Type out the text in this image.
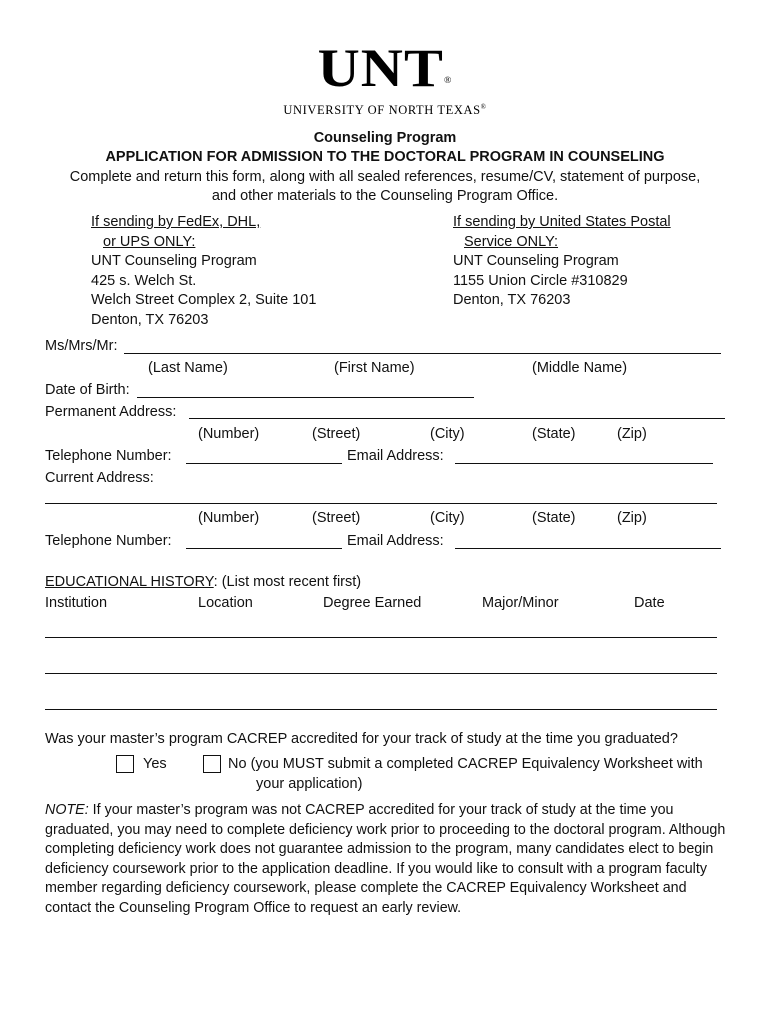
UNT®
UNIVERSITY OF NORTH TEXAS®
Counseling Program
APPLICATION FOR ADMISSION TO THE DOCTORAL PROGRAM IN COUNSELING
Complete and return this form, along with all sealed references, resume/CV, statement of purpose,
and other materials to the Counseling Program Office.
If sending by FedEx, DHL,
or UPS ONLY:
UNT Counseling Program
425 s. Welch St.
Welch Street Complex 2, Suite 101
Denton, TX 76203
If sending by United States Postal
Service ONLY:
UNT Counseling Program
1155 Union Circle #310829
Denton, TX 76203
Ms/Mrs/Mr:
(Last Name)	(First Name)	(Middle Name)
Date of Birth:
Permanent Address:
(Number)	(Street)	(City)	(State)	(Zip)
Telephone Number:	Email Address:
Current Address:
(Number)	(Street)	(City)	(State)	(Zip)
Telephone Number:	Email Address:
EDUCATIONAL HISTORY: (List most recent first)
Institution	Location	Degree Earned	Major/Minor	Date
Was your master’s program CACREP accredited for your track of study at the time you graduated?
Yes	No (you MUST submit a completed CACREP Equivalency Worksheet with
your application)
NOTE: If your master’s program was not CACREP accredited for your track of study at the time you graduated, you may need to complete deficiency work prior to proceeding to the doctoral program. Although completing deficiency work does not guarantee admission to the program, many candidates elect to begin deficiency coursework prior to the application deadline. If you would like to consult with a program faculty member regarding deficiency coursework, please complete the CACREP Equivalency Worksheet and contact the Counseling Program Office to request an early review.
